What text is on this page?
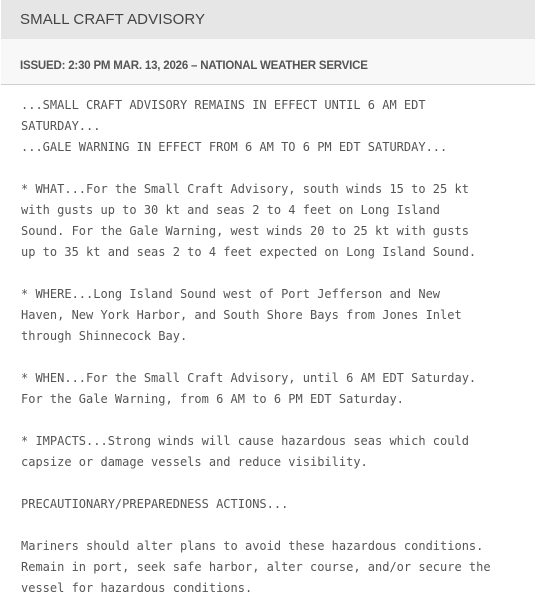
SMALL CRAFT ADVISORY
ISSUED: 2:30 PM MAR. 13, 2026 – NATIONAL WEATHER SERVICE
...SMALL CRAFT ADVISORY REMAINS IN EFFECT UNTIL 6 AM EDT
SATURDAY...
...GALE WARNING IN EFFECT FROM 6 AM TO 6 PM EDT SATURDAY...
* WHAT...For the Small Craft Advisory, south winds 15 to 25 kt
with gusts up to 30 kt and seas 2 to 4 feet on Long Island
Sound. For the Gale Warning, west winds 20 to 25 kt with gusts
up to 35 kt and seas 2 to 4 feet expected on Long Island Sound.
* WHERE...Long Island Sound west of Port Jefferson and New
Haven, New York Harbor, and South Shore Bays from Jones Inlet
through Shinnecock Bay.
* WHEN...For the Small Craft Advisory, until 6 AM EDT Saturday.
For the Gale Warning, from 6 AM to 6 PM EDT Saturday.
* IMPACTS...Strong winds will cause hazardous seas which could
capsize or damage vessels and reduce visibility.
PRECAUTIONARY/PREPAREDNESS ACTIONS...
Mariners should alter plans to avoid these hazardous conditions.
Remain in port, seek safe harbor, alter course, and/or secure the
vessel for hazardous conditions.
